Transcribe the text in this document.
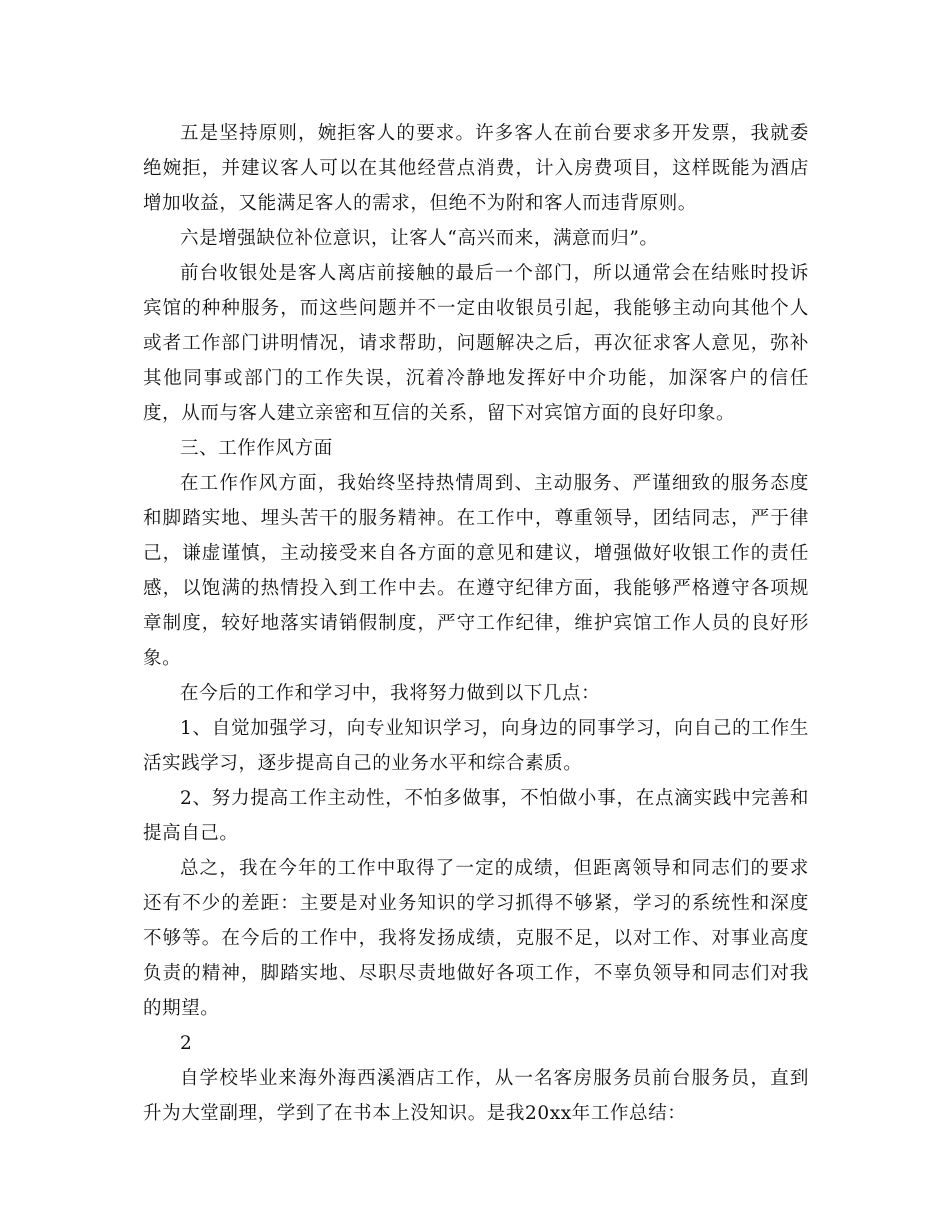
五是坚持原则，婉拒客人的要求。许多客人在前台要求多开发票，我就委绝婉拒，并建议客人可以在其他经营点消费，计入房费项目，这样既能为酒店增加收益，又能满足客人的需求，但绝不为附和客人而违背原则。

六是增强缺位补位意识，让客人“高兴而来，满意而归”。

前台收银处是客人离店前接触的最后一个部门，所以通常会在结账时投诉宾馆的种种服务，而这些问题并不一定由收银员引起，我能够主动向其他个人或者工作部门讲明情况，请求帮助，问题解决之后，再次征求客人意见，弥补其他同事或部门的工作失误，沉着冷静地发挥好中介功能，加深客户的信任度，从而与客人建立亲密和互信的关系，留下对宾馆方面的良好印象。

三、工作作风方面

在工作作风方面，我始终坚持热情周到、主动服务、严谨细致的服务态度和脚踏实地、埋头苦干的服务精神。在工作中，尊重领导，团结同志，严于律己，谦虚谨慎，主动接受来自各方面的意见和建议，增强做好收银工作的责任感，以饱满的热情投入到工作中去。在遵守纪律方面，我能够严格遵守各项规章制度，较好地落实请销假制度，严守工作纪律，维护宾馆工作人员的良好形象。

在今后的工作和学习中，我将努力做到以下几点：

1、自觉加强学习，向专业知识学习，向身边的同事学习，向自己的工作生活实践学习，逐步提高自己的业务水平和综合素质。

2、努力提高工作主动性，不怕多做事，不怕做小事，在点滴实践中完善和提高自己。

总之，我在今年的工作中取得了一定的成绩，但距离领导和同志们的要求还有不少的差距：主要是对业务知识的学习抓得不够紧，学习的系统性和深度不够等。在今后的工作中，我将发扬成绩，克服不足，以对工作、对事业高度负责的精神，脚踏实地、尽职尽责地做好各项工作，不辜负领导和同志们对我的期望。

2

自学校毕业来海外海西溪酒店工作，从一名客房服务员前台服务员，直到升为大堂副理，学到了在书本上没知识。是我20xx年工作总结：
